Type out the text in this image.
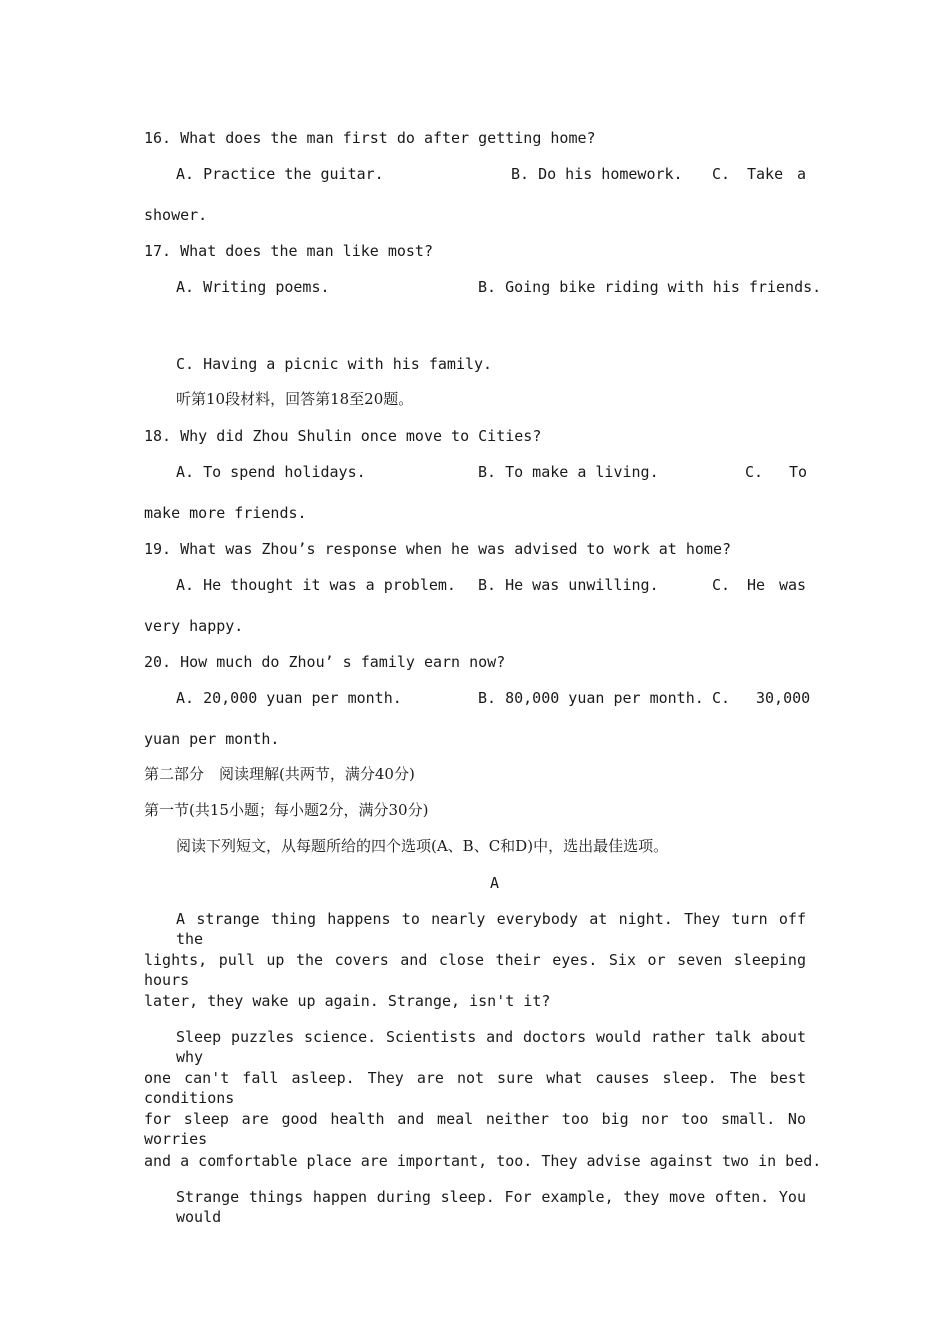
16. What does the man first do after getting home?
A. Practice the guitar.	B. Do his homework. C. Take a
shower.
17. What does the man like most?
A. Writing poems.	B. Going bike riding with his friends.
C. Having a picnic with his family.
听第10段材料，回答第18至20题。
18. Why did Zhou Shulin once move to Cities?
A. To spend holidays.	B. To make a living.	C. To
make more friends.
19. What was Zhou’s response when he was advised to work at home?
A. He thought it was a problem. B. He was unwilling.	C. He was
very happy.
20. How much do Zhou’ s family earn now?
A. 20,000 yuan per month.	B. 80,000 yuan per month. C. 30,000
yuan per month.
第二部分　阅读理解(共两节，满分40分)
第一节(共15小题；每小题2分，满分30分)
阅读下列短文，从每题所给的四个选项(A、B、C和D)中，选出最佳选项。
A
A strange thing happens to nearly everybody at night. They turn off the
lights, pull up the covers and close their eyes. Six or seven sleeping hours
later, they wake up again. Strange, isn't it?
Sleep puzzles science. Scientists and doctors would rather talk about why
one can't fall asleep. They are not sure what causes sleep. The best conditions
for sleep are good health and meal neither too big nor too small. No worries
and a comfortable place are important, too. They advise against two in bed.
Strange things happen during sleep. For example, they move often. You would
